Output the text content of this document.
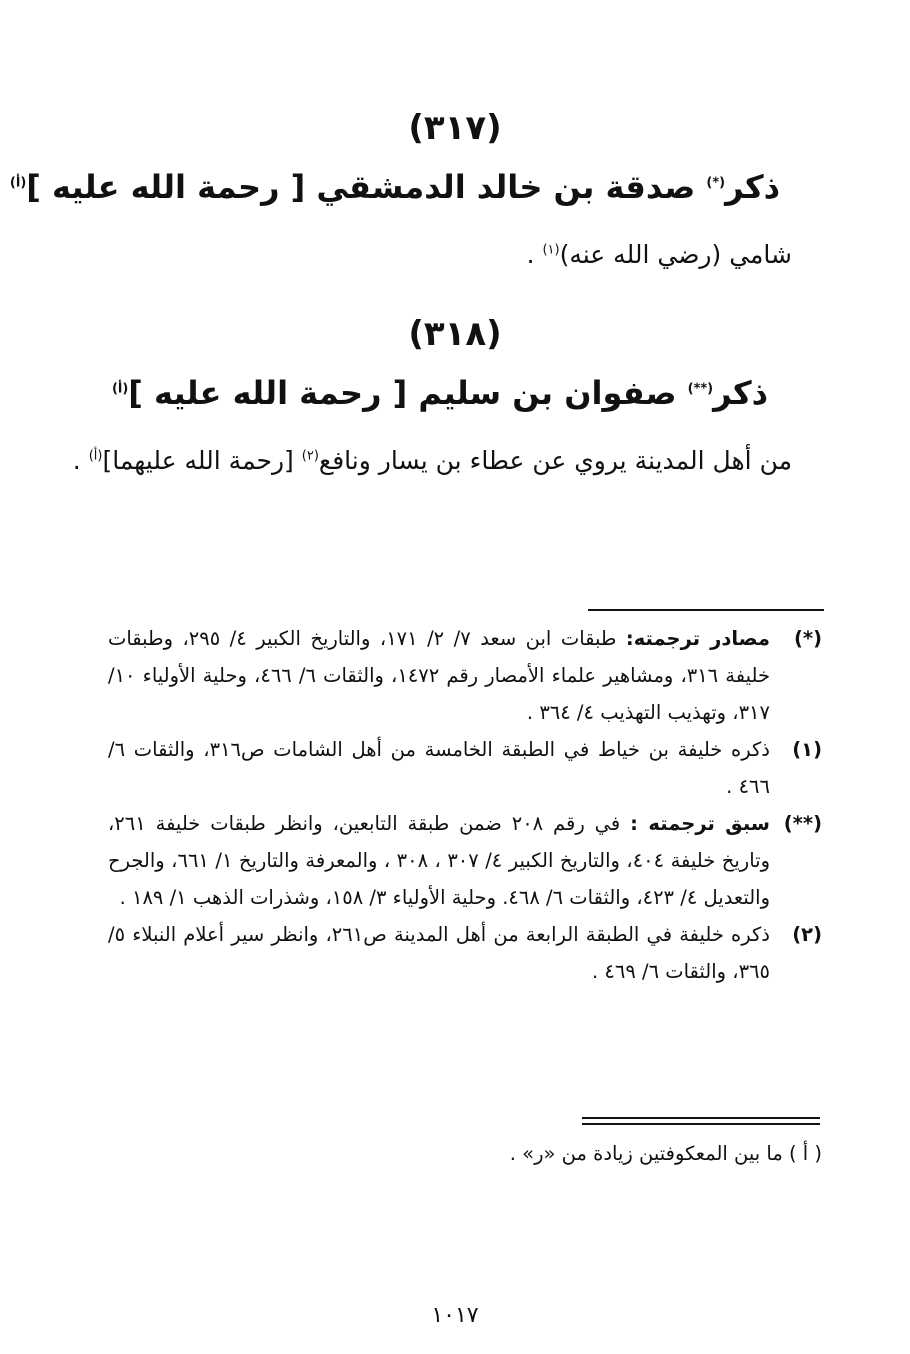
(٣١٧)
ذكر(*) صدقة بن خالد الدمشقي [ رحمة الله عليه ]$^{(أ)}$
شامي (رضي الله عنه)$^{(١)}$ .
(٣١٨)
ذكر(**) صفوان بن سليم [ رحمة الله عليه ]$^{(أ)}$
من أهل المدينة يروي عن عطاء بن يسار ونافع$^{(٢)}$ [رحمة الله عليهما]$^{(أ)}$ .

(*)
مصادر ترجمته: طبقات ابن سعد ٧/ ٢/ ١٧١، والتاريخ الكبير ٤/ ٢٩٥، وطبقات خليفة ٣١٦، ومشاهير علماء الأمصار رقم ١٤٧٢، والثقات ٦/ ٤٦٦، وحلية الأولياء ١٠/ ٣١٧، وتهذيب التهذيب ٤/ ٣٦٤ .

(١)
ذكره خليفة بن خياط في الطبقة الخامسة من أهل الشامات ص٣١٦، والثقات ٦/ ٤٦٦ .

(**)
سبق ترجمته : في رقم ٢٠٨ ضمن طبقة التابعين، وانظر طبقات خليفة ٢٦١، وتاريخ خليفة ٤٠٤، والتاريخ الكبير ٤/ ٣٠٧ ، ٣٠٨ ، والمعرفة والتاريخ ١/ ٦٦١، والجرح والتعديل ٤/ ٤٢٣، والثقات ٦/ ٤٦٨. وحلية الأولياء ٣/ ١٥٨، وشذرات الذهب ١/ ١٨٩ .

(٢)
ذكره خليفة في الطبقة الرابعة من أهل المدينة ص٢٦١، وانظر سير أعلام النبلاء ٥/ ٣٦٥، والثقات ٦/ ٤٦٩ .

( أ ) ما بين المعكوفتين زيادة من «ر» .
١٠١٧
